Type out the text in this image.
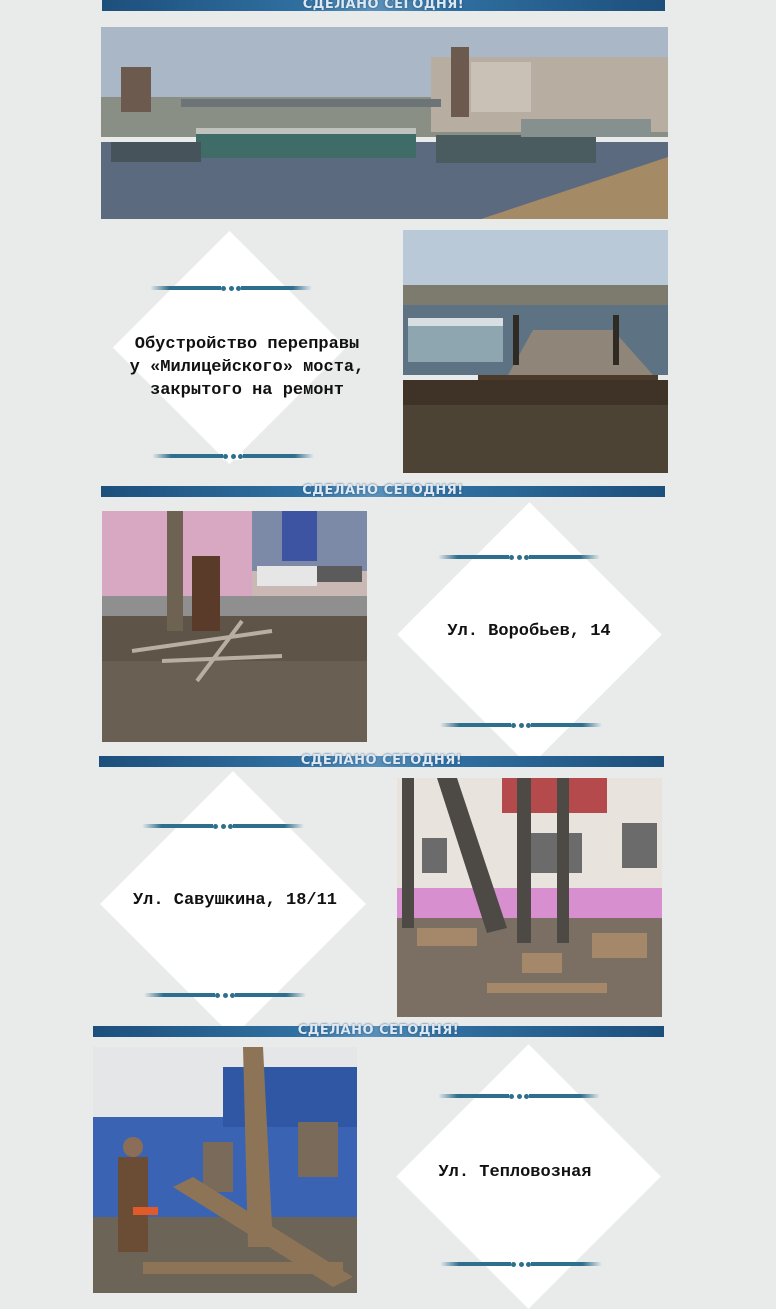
СДЕЛАНО СЕГОДНЯ!
Обустройство переправы
у «Милицейского» моста,
закрытого на ремонт
СДЕЛАНО СЕГОДНЯ!
Ул. Воробьев, 14
СДЕЛАНО СЕГОДНЯ!
Ул. Савушкина, 18/11
СДЕЛАНО СЕГОДНЯ!
Ул. Тепловозная
